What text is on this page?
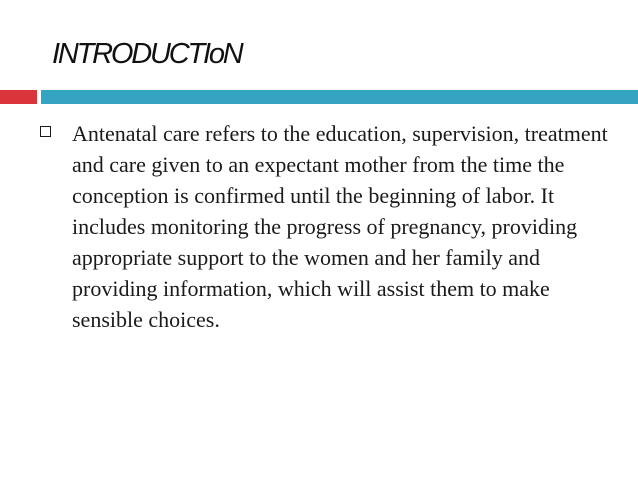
INTRODUCTIoN

Antenatal care refers to the education, supervision, treatment and care given to an expectant mother from the time the conception is confirmed until the beginning of labor. It includes monitoring the progress of pregnancy, providing appropriate support to the women and her family and providing information, which will assist them to make sensible choices.
